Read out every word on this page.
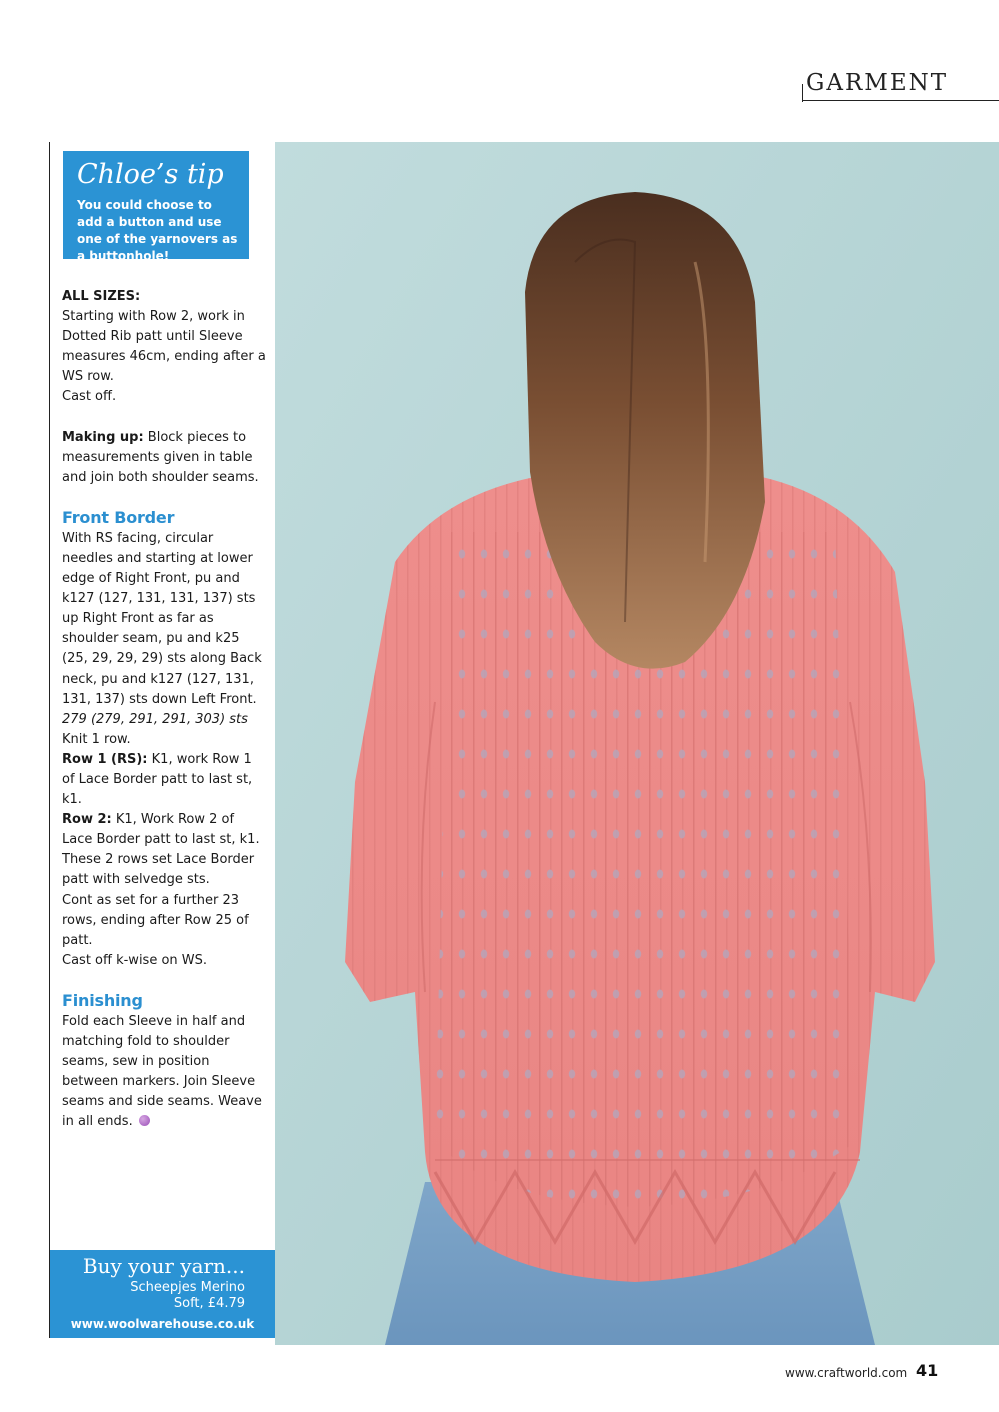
GARMENT
Chloe’s tip
You could choose to add a button and use one of the yarnovers as a buttonhole!

ALL SIZES:

Starting with Row 2, work in Dotted Rib patt until Sleeve measures 46cm, ending after a WS row.

Cast off.

Making up: Block pieces to measurements given in table and join both shoulder seams.

Front Border

With RS facing, circular needles and starting at lower edge of Right Front, pu and k127 (127, 131, 131, 137) sts up Right Front as far as shoulder seam, pu and k25 (25, 29, 29, 29) sts along Back neck, pu and k127 (127, 131, 131, 137) sts down Left Front. 279 (279, 291, 291, 303) sts

Knit 1 row.

Row 1 (RS): K1, work Row 1 of Lace Border patt to last st, k1.

Row 2: K1, Work Row 2 of Lace Border patt to last st, k1.

These 2 rows set Lace Border patt with selvedge sts.

Cont as set for a further 23 rows, ending after Row 25 of patt.

Cast off k-wise on WS.

Finishing

Fold each Sleeve in half and matching fold to shoulder seams, sew in position between markers. Join Sleeve seams and side seams. Weave in all ends.

Buy your yarn...
Scheepjes Merino
Soft, £4.79
www.woolwarehouse.co.uk
www.craftworld.com 41
